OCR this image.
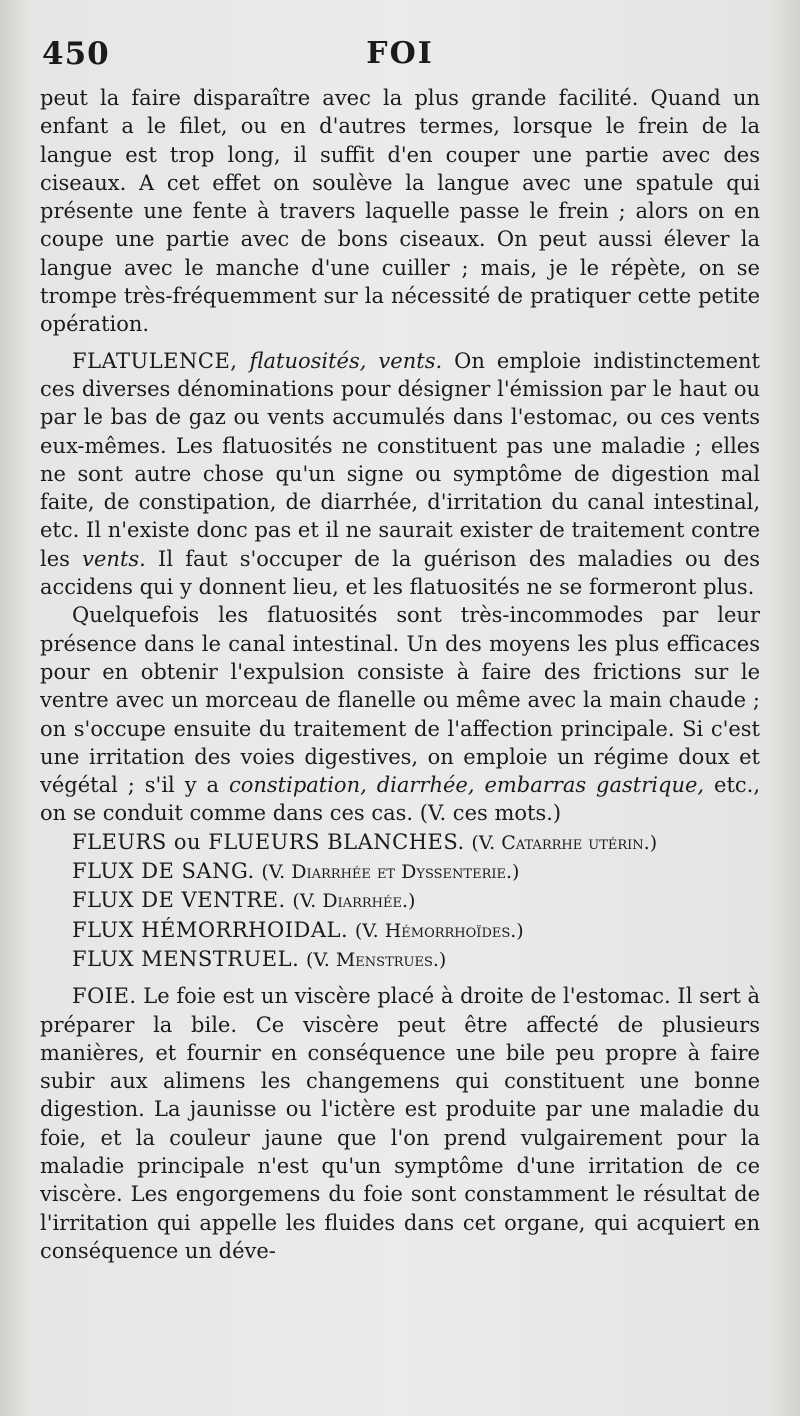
450	FOI

peut la faire disparaître avec la plus grande facilité. Quand un enfant a le filet, ou en d'autres termes, lorsque le frein de la langue est trop long, il suffit d'en couper une partie avec des ciseaux. A cet effet on soulève la langue avec une spatule qui présente une fente à travers laquelle passe le frein ; alors on en coupe une partie avec de bons ciseaux. On peut aussi élever la langue avec le manche d'une cuiller ; mais, je le répète, on se trompe très-fréquemment sur la nécessité de pratiquer cette petite opération.

FLATULENCE, flatuosités, vents. On emploie indistinctement ces diverses dénominations pour désigner l'émission par le haut ou par le bas de gaz ou vents accumulés dans l'estomac, ou ces vents eux-mêmes. Les flatuosités ne constituent pas une maladie ; elles ne sont autre chose qu'un signe ou symptôme de digestion mal faite, de constipation, de diarrhée, d'irritation du canal intestinal, etc. Il n'existe donc pas et il ne saurait exister de traitement contre les vents. Il faut s'occuper de la guérison des maladies ou des accidens qui y donnent lieu, et les flatuosités ne se formeront plus.

Quelquefois les flatuosités sont très-incommodes par leur présence dans le canal intestinal. Un des moyens les plus efficaces pour en obtenir l'expulsion consiste à faire des frictions sur le ventre avec un morceau de flanelle ou même avec la main chaude ; on s'occupe ensuite du traitement de l'affection principale. Si c'est une irritation des voies digestives, on emploie un régime doux et végétal ; s'il y a constipation, diarrhée, embarras gastrique, etc., on se conduit comme dans ces cas. (V. ces mots.)

FLEURS ou FLUEURS BLANCHES. (V. Catarrhe utérin.)

FLUX DE SANG. (V. Diarrhée et Dyssenterie.)

FLUX DE VENTRE. (V. Diarrhée.)

FLUX HÉMORRHOIDAL. (V. Hémorrhoïdes.)

FLUX MENSTRUEL. (V. Menstrues.)

FOIE. Le foie est un viscère placé à droite de l'estomac. Il sert à préparer la bile. Ce viscère peut être affecté de plusieurs manières, et fournir en conséquence une bile peu propre à faire subir aux alimens les changemens qui constituent une bonne digestion. La jaunisse ou l'ictère est produite par une maladie du foie, et la couleur jaune que l'on prend vulgairement pour la maladie principale n'est qu'un symptôme d'une irritation de ce viscère. Les engorgemens du foie sont constamment le résultat de l'irritation qui appelle les fluides dans cet organe, qui acquiert en conséquence un déve-
